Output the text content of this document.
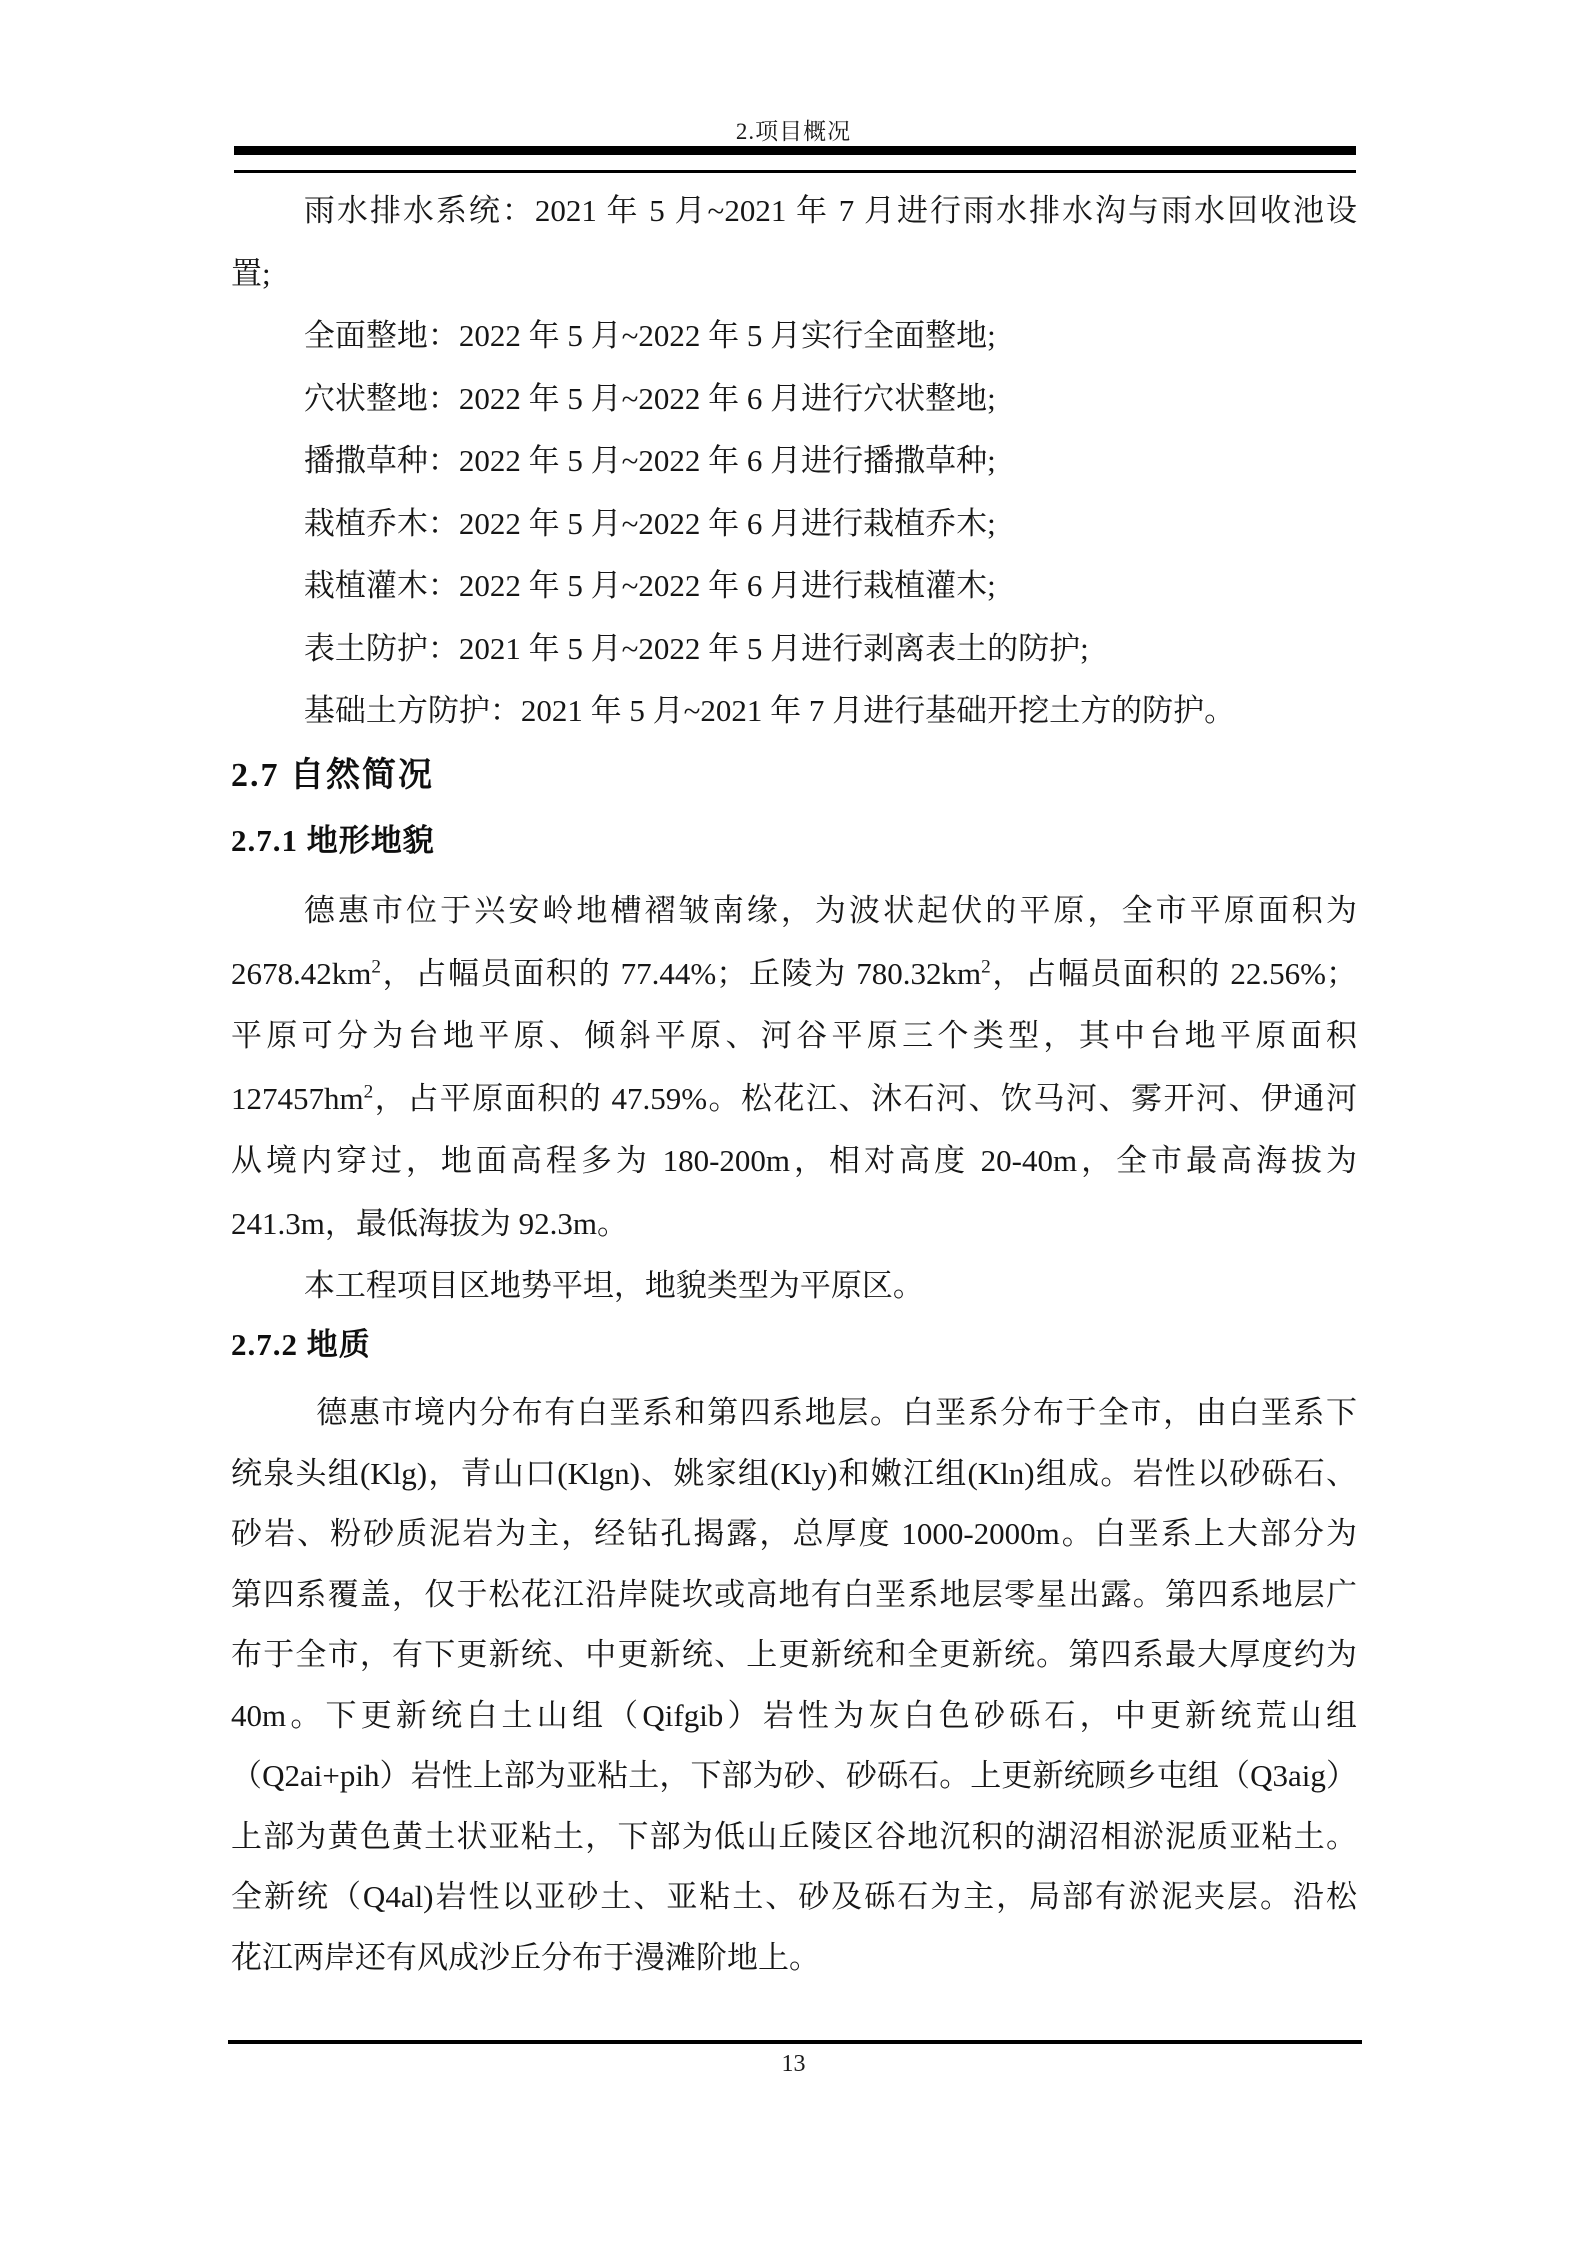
2.项目概况
雨水排水系统：2021 年 5 月~2021 年 7 月进行雨水排水沟与雨水回收池设
置;
全面整地：2022 年 5 月~2022 年 5 月实行全面整地;
穴状整地：2022 年 5 月~2022 年 6 月进行穴状整地;
播撒草种：2022 年 5 月~2022 年 6 月进行播撒草种;
栽植乔木：2022 年 5 月~2022 年 6 月进行栽植乔木;
栽植灌木：2022 年 5 月~2022 年 6 月进行栽植灌木;
表土防护：2021 年 5 月~2022 年 5 月进行剥离表土的防护;
基础土方防护：2021 年 5 月~2021 年 7 月进行基础开挖土方的防护。
2.7 自然简况
2.7.1 地形地貌
德惠市位于兴安岭地槽褶皱南缘，为波状起伏的平原，全市平原面积为
$2678.42km^2$，占幅员面积的 77.44%；丘陵为 $780.32km^2$，占幅员面积的 22.56%；
平原可分为台地平原、倾斜平原、河谷平原三个类型，其中台地平原面积
$127457hm^2$，占平原面积的 47.59%。松花江、沐石河、饮马河、雾开河、伊通河
从境内穿过，地面高程多为 180-200m，相对高度 20-40m，全市最高海拔为
241.3m，最低海拔为 92.3m。
本工程项目区地势平坦，地貌类型为平原区。
2.7.2 地质
德惠市境内分布有白垩系和第四系地层。白垩系分布于全市，由白垩系下
统泉头组(Klg)，青山口(Klgn)、姚家组(Kly)和嫩江组(Kln)组成。岩性以砂砾石、
砂岩、粉砂质泥岩为主，经钻孔揭露，总厚度 1000-2000m。白垩系上大部分为
第四系覆盖，仅于松花江沿岸陡坎或高地有白垩系地层零星出露。第四系地层广
布于全市，有下更新统、中更新统、上更新统和全更新统。第四系最大厚度约为
40m。下更新统白土山组（Qifgib）岩性为灰白色砂砾石，中更新统荒山组
（Q2ai+pih）岩性上部为亚粘土，下部为砂、砂砾石。上更新统顾乡屯组（Q3aig）
上部为黄色黄土状亚粘土，下部为低山丘陵区谷地沉积的湖沼相淤泥质亚粘土。
全新统（Q4al)岩性以亚砂土、亚粘土、砂及砾石为主，局部有淤泥夹层。沿松
花江两岸还有风成沙丘分布于漫滩阶地上。
13
